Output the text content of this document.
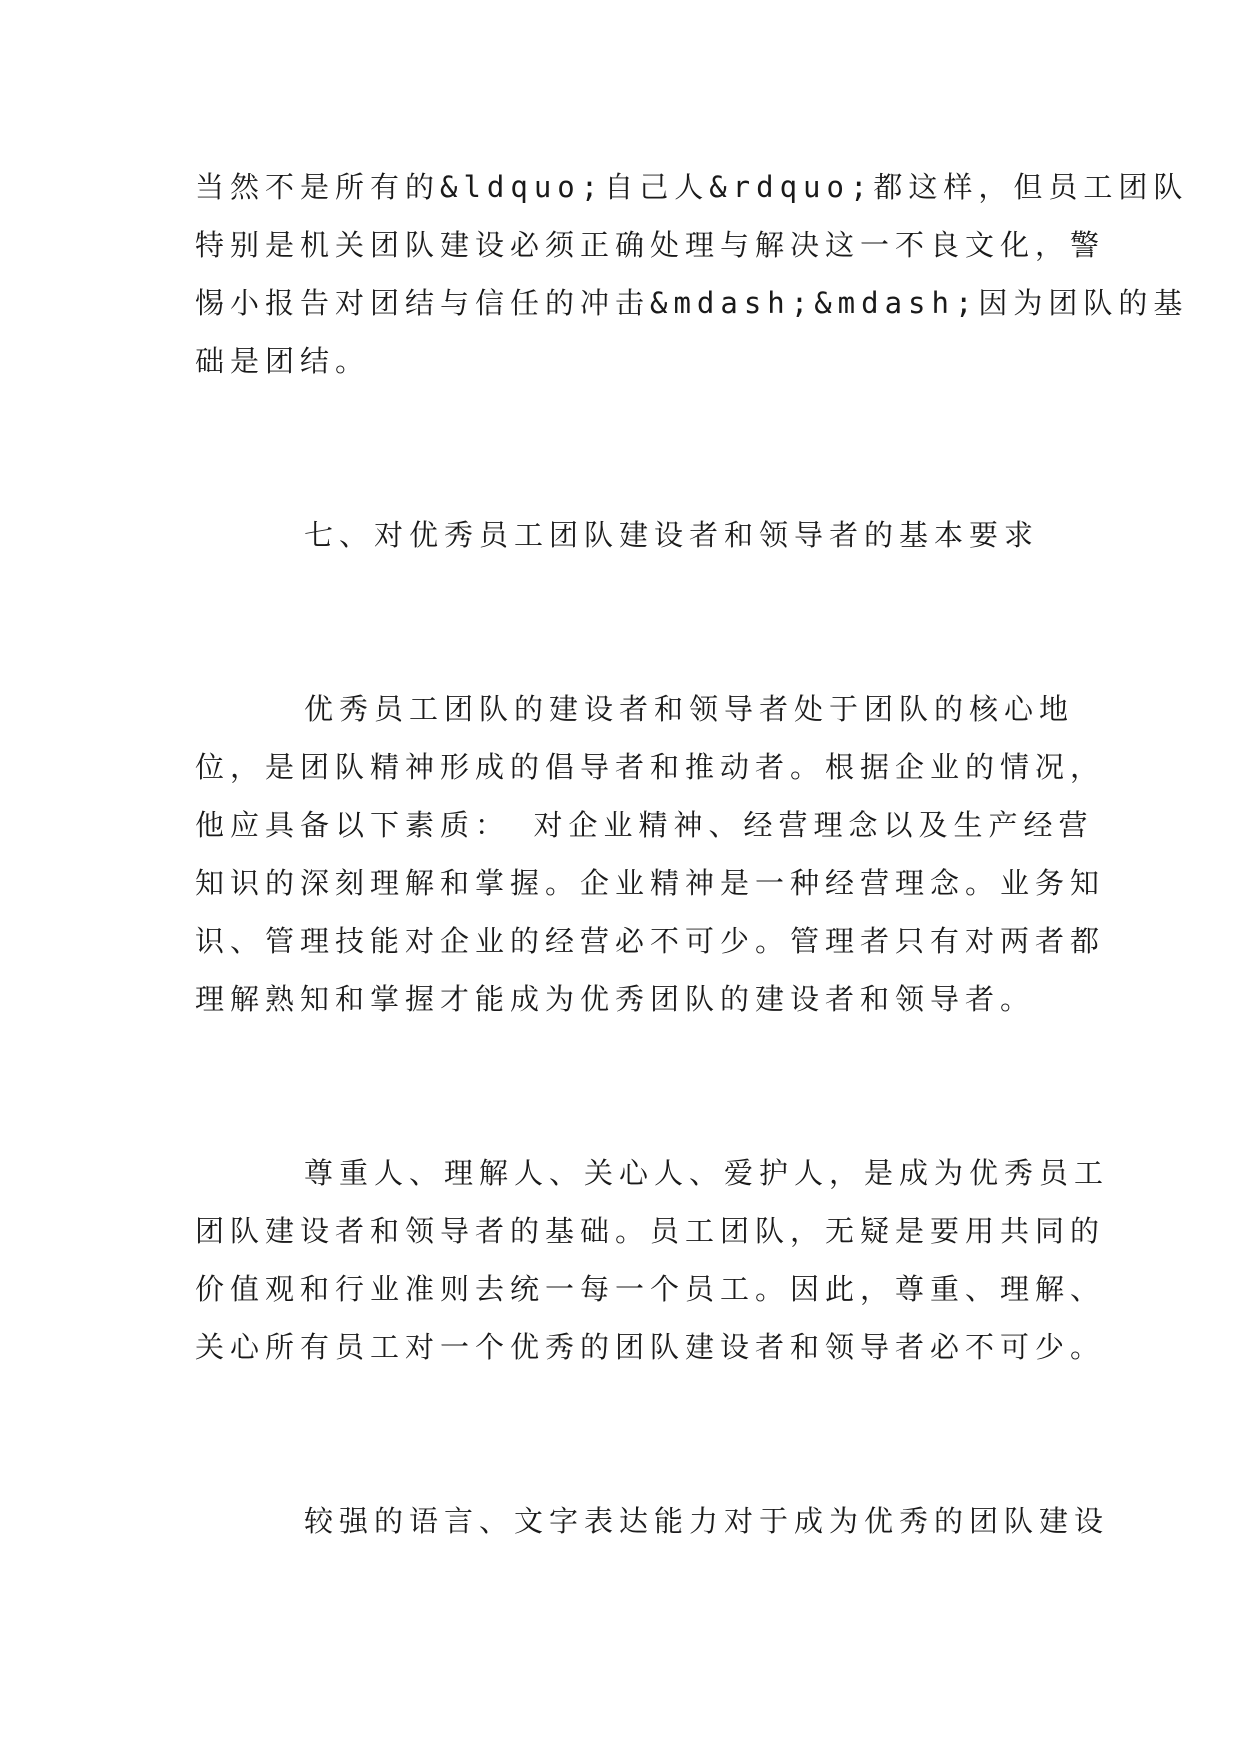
当然不是所有的&ldquo;自己人&rdquo;都这样，但员工团队
特别是机关团队建设必须正确处理与解决这一不良文化，警
惕小报告对团结与信任的冲击&mdash;&mdash;因为团队的基
础是团结。
七、对优秀员工团队建设者和领导者的基本要求
优秀员工团队的建设者和领导者处于团队的核心地
位，是团队精神形成的倡导者和推动者。根据企业的情况，
他应具备以下素质： 对企业精神、经营理念以及生产经营
知识的深刻理解和掌握。企业精神是一种经营理念。业务知
识、管理技能对企业的经营必不可少。管理者只有对两者都
理解熟知和掌握才能成为优秀团队的建设者和领导者。
尊重人、理解人、关心人、爱护人，是成为优秀员工
团队建设者和领导者的基础。员工团队，无疑是要用共同的
价值观和行业准则去统一每一个员工。因此，尊重、理解、
关心所有员工对一个优秀的团队建设者和领导者必不可少。
较强的语言、文字表达能力对于成为优秀的团队建设
